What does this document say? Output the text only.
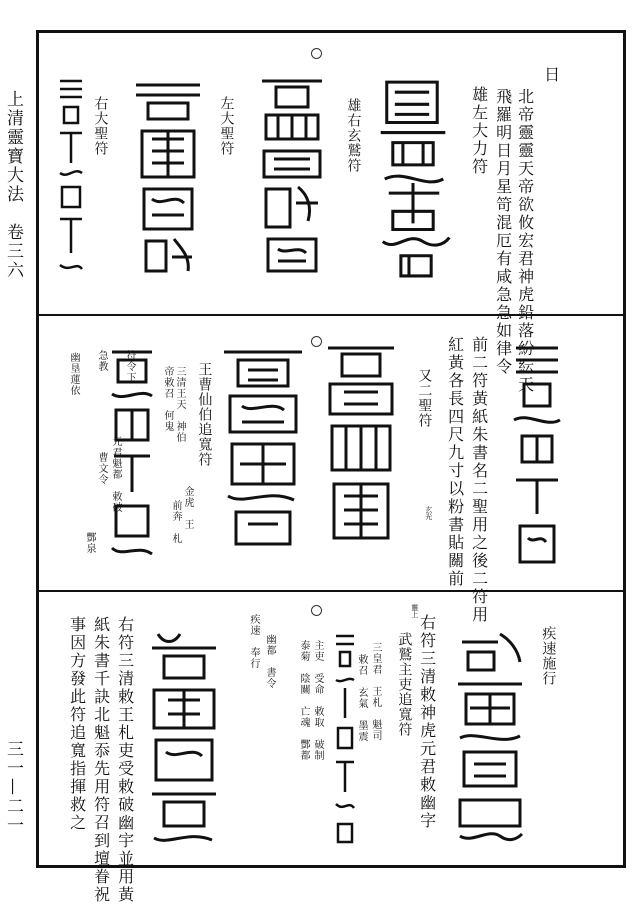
上清靈寶大法　卷三六
三一—二一
日
北帝靈靈天帝欲攸宏君神虎鉛落紛紜天
飛羅明日月星笴混厄有咸急急如律令
雄左大力符
雄右玄鷲符
左大聖符
右大聖符
前二符黃紙朱書名二聖用之後二符用
紅黃各長四尺九寸以粉書貼關前
又二聖符
玄光
王曹仙伯追寬符
三清王天　神伯
帝敕召　何鬼
金虎　王
前奔　札
符令下
元君魁都　敕破
急教
曹文令
酆泉
幽垦蓮依
疾速施行
右符三清敕神虎元君敕幽字
武鷲主吏追寬符
靈上
三皇君　王札　魁司
敕召　玄氣　墨震
主吏　受命　敕取　破制
泰菊　陰關　亡魂　酆都
幽都　書令
疾速　奉行
右符三清敕王札吏受敕破幽宇並用黃
紙朱書千訣北魁忝先用符召到壇眷祝
事因方發此符追寬指揮救之
